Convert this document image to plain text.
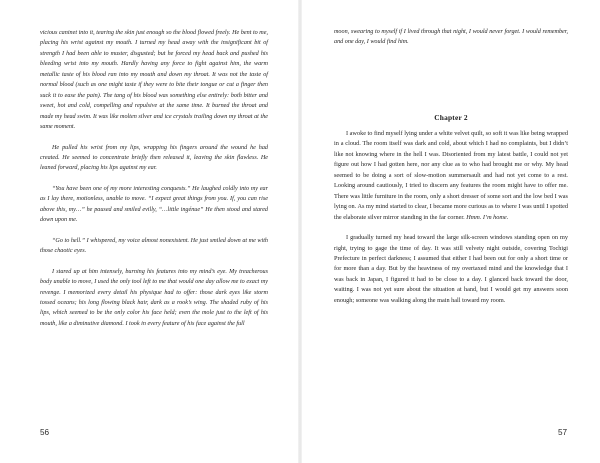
vicious caninet into it, tearing the skin just enough so the blood flowed freely. He bent to me, placing his wrist against my mouth. I turned my head away with the insignificant bit of strength I had been able to muster, disgusted; but he forced my head back and pushed his bleeding wrist into my mouth. Hardly having any force to fight against him, the warm metallic taste of his blood ran into my mouth and down my throat. It was not the taste of normal blood (such as one might taste if they were to bite their tongue or cut a finger then suck it to ease the pain). The tang of his blood was something else entirely: both bitter and sweet, hot and cold, compelling and repulsive at the same time. It burned the throat and made my head swim. It was like molten silver and ice crystals trailing down my throat at the same moment.

He pulled his wrist from my lips, wrapping his fingers around the wound he had created. He seemed to concentrate briefly then released it, leaving the skin flawless. He leaned forward, placing his lips against my ear.

“You have been one of my more interesting conquests.” He laughed coldly into my ear as I lay there, motionless, unable to move. “I expect great things from you. If, you can rise above this, my…” he paused and smiled evilly, “…little ingénue” He then stood and stared down upon me.

“Go to hell.” I whispered, my voice almost nonexistent. He just smiled down at me with those chaotic eyes.

I stared up at him intensely, burning his features into my mind’s eye. My treacherous body unable to move, I used the only tool left to me that would one day allow me to exact my revenge. I memorized every detail his physique had to offer: those dark eyes like storm tossed oceans; his long flowing black hair, dark as a rook’s wing. The shaded ruby of his lips, which seemed to be the only color his face held; even the mole just to the left of his mouth, like a diminutive diamond. I took in every feature of his face against the full

56

moon, swearing to myself if I lived through that night, I would never forget. I would remember, and one day, I would find him.

Chapter 2

I awoke to find myself lying under a white velvet quilt, so soft it was like being wrapped in a cloud. The room itself was dark and cold, about which I had no complaints, but I didn’t like not knowing where in the hell I was. Disoriented from my latest battle, I could not yet figure out how I had gotten here, nor any clue as to who had brought me or why. My head seemed to be doing a sort of slow-motion summersault and had not yet come to a rest. Looking around cautiously, I tried to discern any features the room might have to offer me. There was little furniture in the room, only a short dresser of some sort and the low bed I was lying on. As my mind started to clear, I became more curious as to where I was until I spotted the elaborate silver mirror standing in the far corner. Hmm. I’m home.

I gradually turned my head toward the large silk-screen windows standing open on my right, trying to gage the time of day. It was still velvety night outside, covering Tochigi Prefecture in perfect darkness; I assumed that either I had been out for only a short time or for more than a day. But by the heaviness of my overtaxed mind and the knowledge that I was back in Japan, I figured it had to be close to a day. I glanced back toward the door, waiting. I was not yet sure about the situation at hand, but I would get my answers soon enough; someone was walking along the main hall toward my room.

57
